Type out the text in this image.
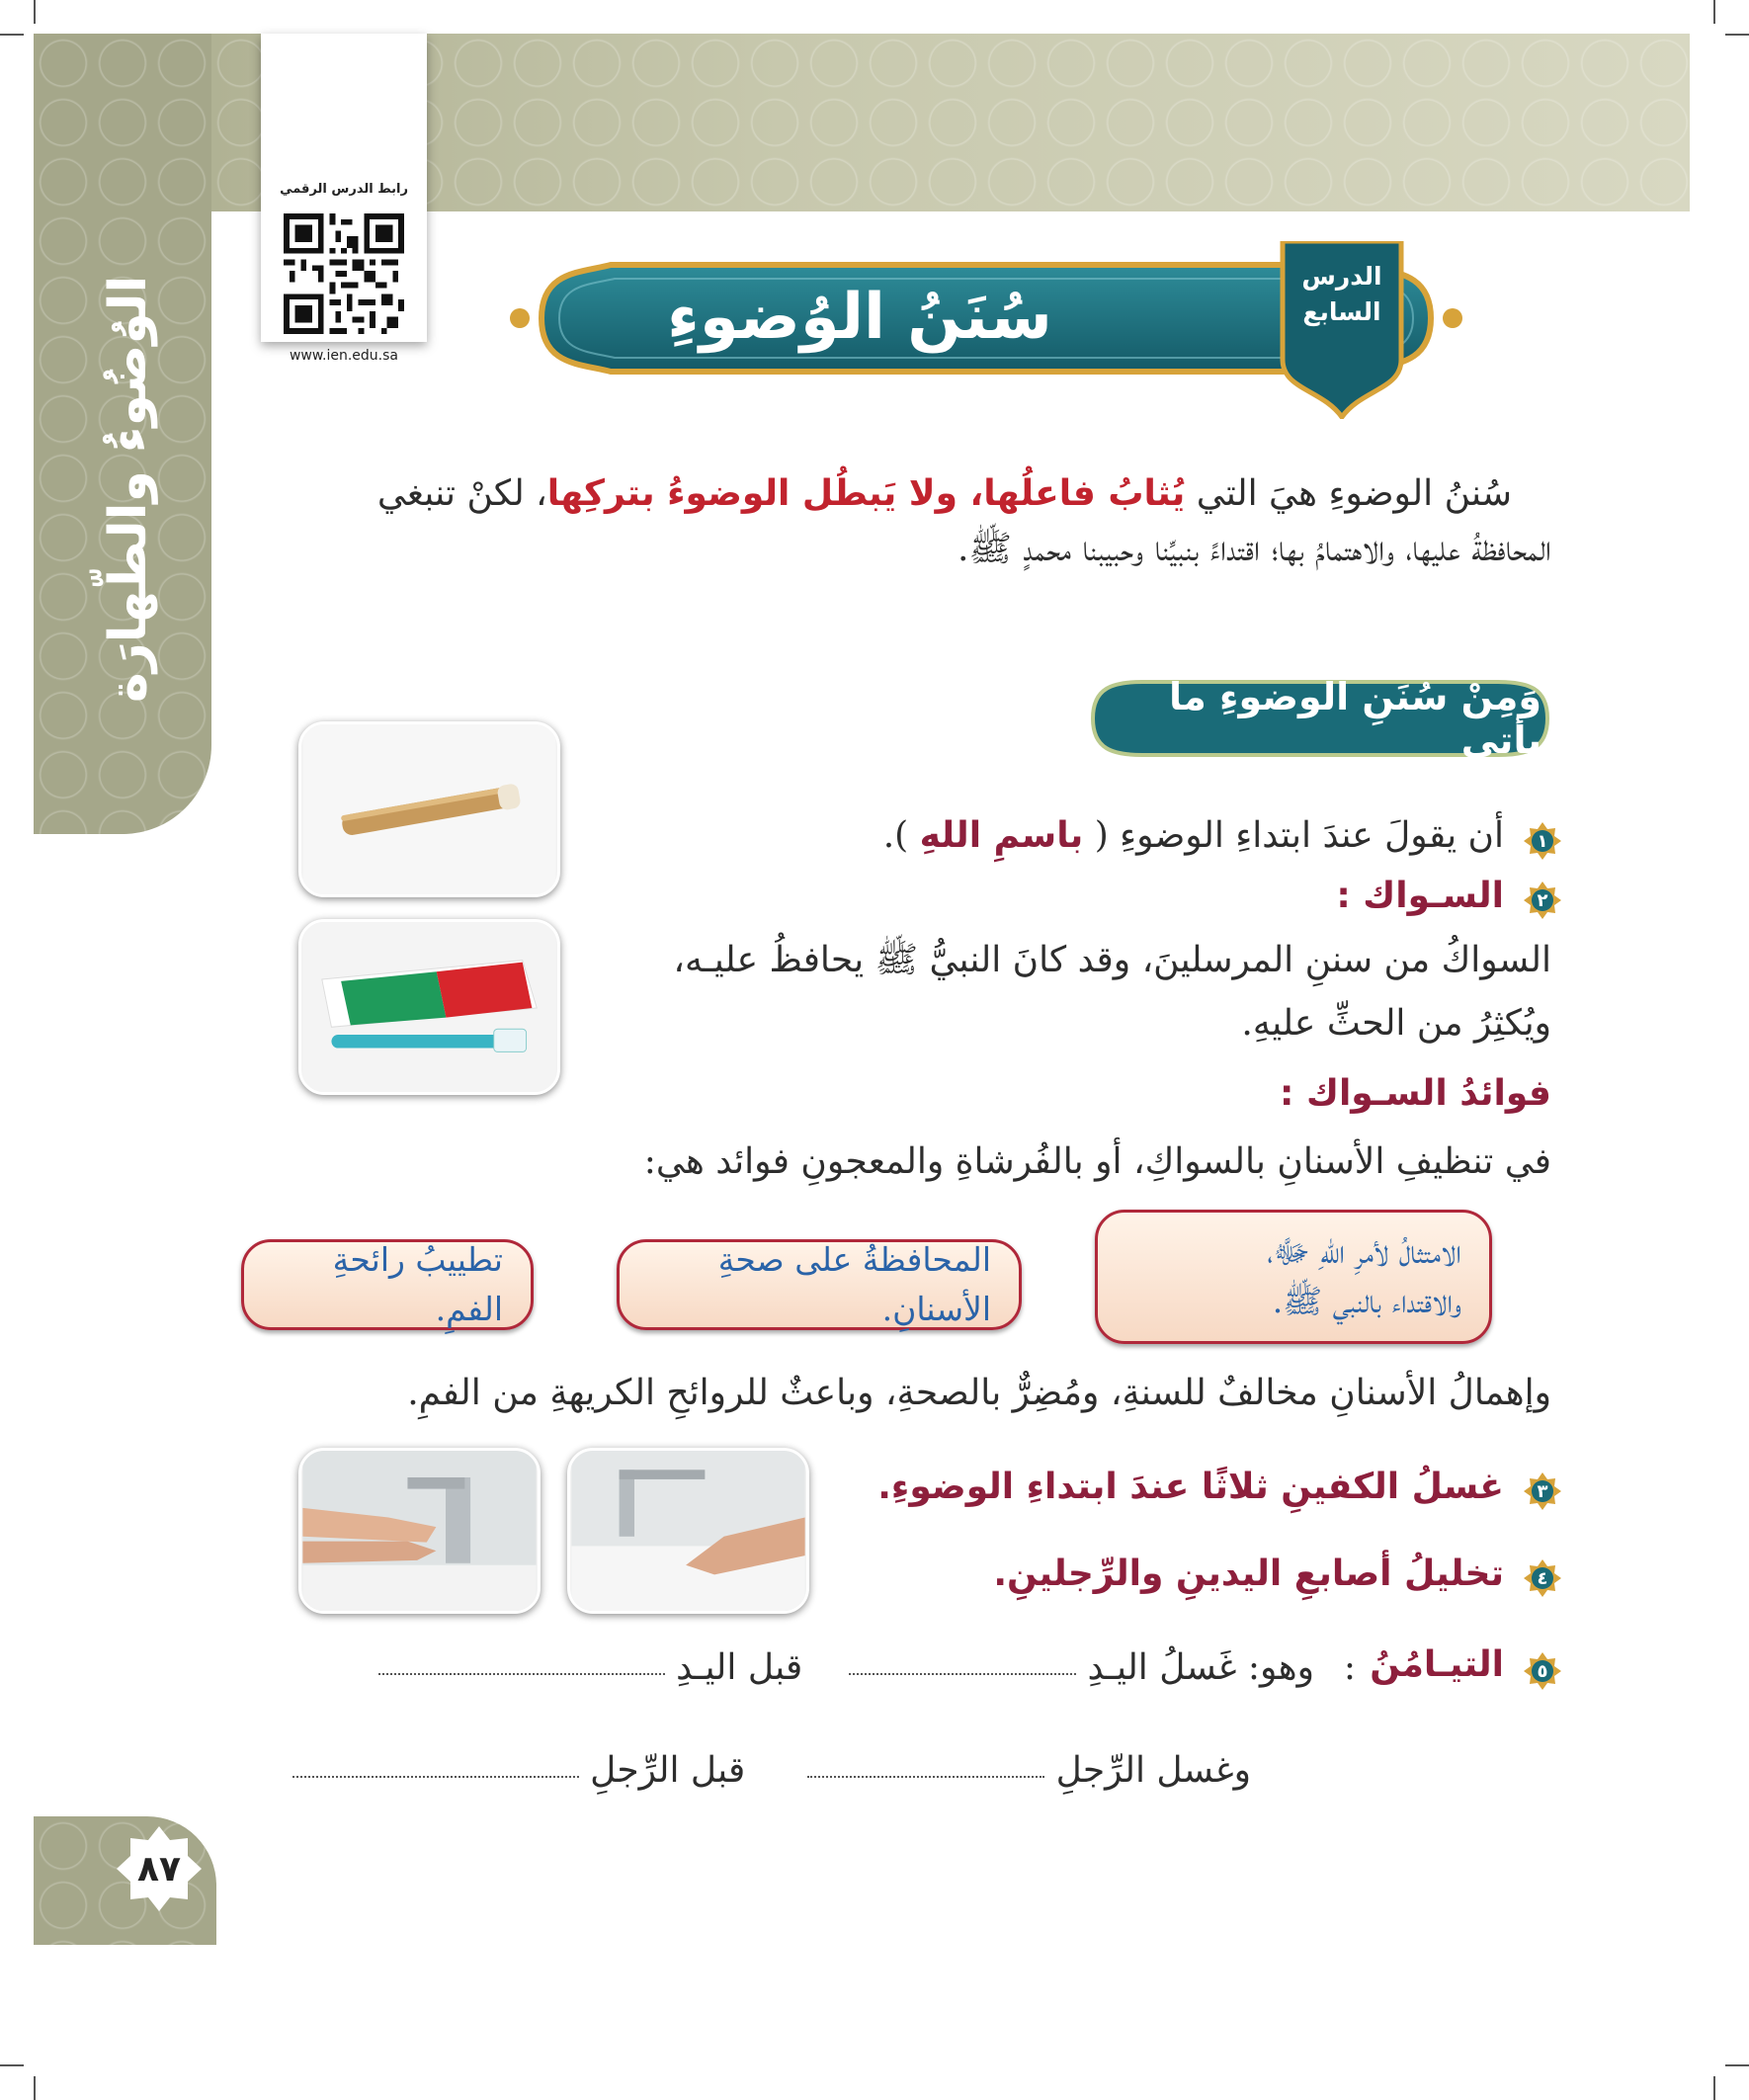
الوُضُوءُ والطّهارَة
رابط الدرس الرقمي
www.ien.edu.sa
سُنَنُ الوُضوءِ
الدرس
السابع
سُننُ الوضوءِ هيَ التي يُثابُ فاعلُها، ولا يَبطُل الوضوءُ بتركِها، لكنْ تنبغي
المحافظةُ عليها، والاهتمامُ بها؛ اقتداءً بنبيِّنا وحبيبنا محمدٍ ﷺ.
وَمِنْ سُنَنِ الوضوءِ ما يأتي
١
أن يقولَ عندَ ابتداءِ الوضوءِ ( باسمِ اللهِ ).
٢
السـواك :
السواكُ من سننِ المرسلينَ، وقد كانَ النبيُّ ﷺ يحافظُ عليـه،
ويُكثِرُ من الحثِّ عليهِ.
فوائدُ السـواك :
في تنظيفِ الأسنانِ بالسواكِ، أو بالفُرشاةِ والمعجونِ فوائد هي:
الامتثالُ لأمرِ اللهِ ﷻ،
والاقتداء بالنبي ﷺ.
المحافظةُ على صحةِ الأسنانِ.
تطييبُ رائحةِ الفمِ.
وإهمالُ الأسنانِ مخالفٌ للسنةِ، ومُضِرٌّ بالصحةِ، وباعثٌ للروائحِ الكريهةِ من الفمِ.
٣
غسلُ الكفينِ ثلاثًا عندَ ابتداءِ الوضوءِ.
٤
تخليلُ أصابعِ اليدينِ والرِّجلينِ.
٥
التيـامُنُ
:
وهو: غَسلُ اليـدِ   قبل اليـدِ
وغسل الرِّجلِ   قبل الرِّجلِ
٨٧
